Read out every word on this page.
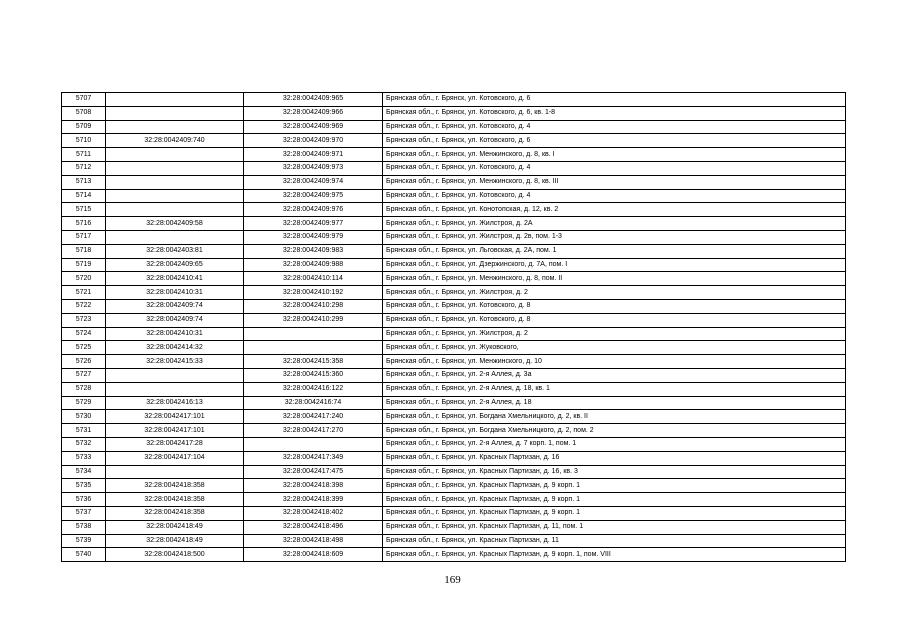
5707		32:28:0042409:965	Брянская обл., г. Брянск, ул. Котовского, д. 6
5708		32:28:0042409:966	Брянская обл., г. Брянск, ул. Котовского, д. 6, кв. 1-8
5709		32:28:0042409:969	Брянская обл., г. Брянск, ул. Котовского, д. 4
5710	32:28:0042409:740	32:28:0042409:970	Брянская обл., г. Брянск, ул. Котовского, д. 6
5711		32:28:0042409:971	Брянская обл., г. Брянск, ул. Менжинского, д. 8, кв. I
5712		32:28:0042409:973	Брянская обл., г. Брянск, ул. Котовского, д. 4
5713		32:28:0042409:974	Брянская обл., г. Брянск, ул. Менжинского, д. 8, кв. III
5714		32:28:0042409:975	Брянская обл., г. Брянск, ул. Котовского, д. 4
5715		32:28:0042409:976	Брянская обл., г. Брянск, ул. Конотопская, д. 12, кв. 2
5716	32:28:0042409:58	32:28:0042409:977	Брянская обл., г. Брянск, ул. Жилстроя, д. 2А
5717		32:28:0042409:979	Брянская обл., г. Брянск, ул. Жилстроя, д. 2в, пом. 1-3
5718	32:28:0042403:81	32:28:0042409:983	Брянская обл., г. Брянск, ул. Льговская, д. 2А, пом. 1
5719	32:28:0042409:65	32:28:0042409:988	Брянская обл., г. Брянск, ул. Дзержинского, д. 7А, пом. I
5720	32:28:0042410:41	32:28:0042410:114	Брянская обл., г. Брянск, ул. Менжинского, д. 8, пом. II
5721	32:28:0042410:31	32:28:0042410:192	Брянская обл., г. Брянск, ул. Жилстроя, д. 2
5722	32:28:0042409:74	32:28:0042410:298	Брянская обл., г. Брянск, ул. Котовского, д. 8
5723	32:28:0042409:74	32:28:0042410:299	Брянская обл., г. Брянск, ул. Котовского, д. 8
5724	32:28:0042410:31		Брянская обл., г. Брянск, ул. Жилстроя, д. 2
5725	32:28:0042414:32		Брянская обл., г. Брянск, ул. Жуковского,
5726	32:28:0042415:33	32:28:0042415:358	Брянская обл., г. Брянск, ул. Менжинского, д. 10
5727		32:28:0042415:360	Брянская обл., г. Брянск, ул. 2-я Аллея, д. 3а
5728		32:28:0042416:122	Брянская обл., г. Брянск, ул. 2-я Аллея, д. 18, кв. 1
5729	32:28:0042416:13	32:28:0042416:74	Брянская обл., г. Брянск, ул. 2-я Аллея, д. 18
5730	32:28:0042417:101	32:28:0042417:240	Брянская обл., г. Брянск, ул. Богдана Хмельницкого, д. 2, кв. II
5731	32:28:0042417:101	32:28:0042417:270	Брянская обл., г. Брянск, ул. Богдана Хмельницкого, д. 2, пом. 2
5732	32:28:0042417:28		Брянская обл., г. Брянск, ул. 2-я Аллея, д. 7 корп. 1, пом. 1
5733	32:28:0042417:104	32:28:0042417:349	Брянская обл., г. Брянск, ул. Красных Партизан, д. 16
5734		32:28:0042417:475	Брянская обл., г. Брянск, ул. Красных Партизан, д. 16, кв. 3
5735	32:28:0042418:358	32:28:0042418:398	Брянская обл., г. Брянск, ул. Красных Партизан, д. 9 корп. 1
5736	32:28:0042418:358	32:28:0042418:399	Брянская обл., г. Брянск, ул. Красных Партизан, д. 9 корп. 1
5737	32:28:0042418:358	32:28:0042418:402	Брянская обл., г. Брянск, ул. Красных Партизан, д. 9 корп. 1
5738	32:28:0042418:49	32:28:0042418:496	Брянская обл., г. Брянск, ул. Красных Партизан, д. 11, пом. 1
5739	32:28:0042418:49	32:28:0042418:498	Брянская обл., г. Брянск, ул. Красных Партизан, д. 11
5740	32:28:0042418:500	32:28:0042418:609	Брянская обл., г. Брянск, ул. Красных Партизан, д. 9 корп. 1, пом. VIII
169
